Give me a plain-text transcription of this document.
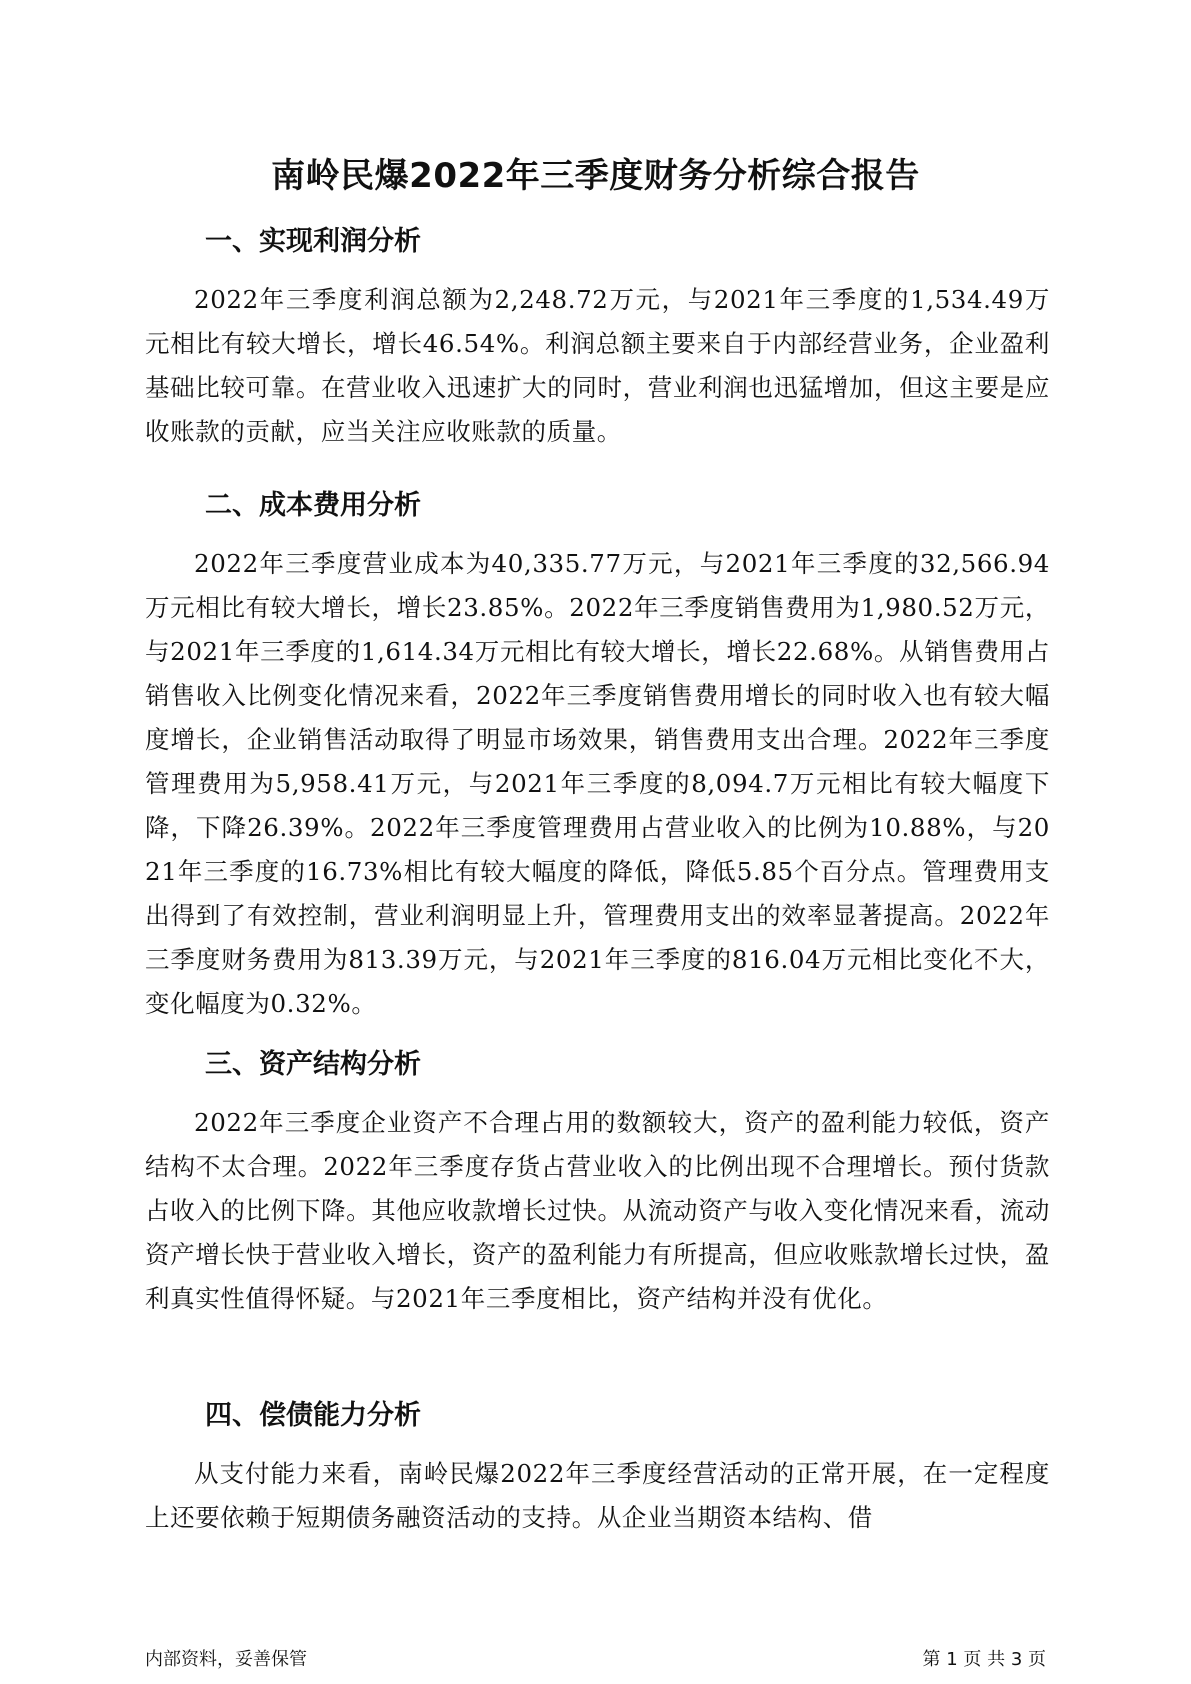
南岭民爆2022年三季度财务分析综合报告
一、实现利润分析

2022年三季度利润总额为2,248.72万元，与2021年三季度的1,534.49万元相比有较大增长，增长46.54%。利润总额主要来自于内部经营业务，企业盈利基础比较可靠。在营业收入迅速扩大的同时，营业利润也迅猛增加，但这主要是应收账款的贡献，应当关注应收账款的质量。

二、成本费用分析

2022年三季度营业成本为40,335.77万元，与2021年三季度的32,566.94万元相比有较大增长，增长23.85%。2022年三季度销售费用为1,980.52万元，与2021年三季度的1,614.34万元相比有较大增长，增长22.68%。从销售费用占销售收入比例变化情况来看，2022年三季度销售费用增长的同时收入也有较大幅度增长，企业销售活动取得了明显市场效果，销售费用支出合理。2022年三季度管理费用为5,958.41万元，与2021年三季度的8,094.7万元相比有较大幅度下降，下降26.39%。2022年三季度管理费用占营业收入的比例为10.88%，与2021年三季度的16.73%相比有较大幅度的降低，降低5.85个百分点。管理费用支出得到了有效控制，营业利润明显上升，管理费用支出的效率显著提高。2022年三季度财务费用为813.39万元，与2021年三季度的816.04万元相比变化不大，变化幅度为0.32%。

三、资产结构分析

2022年三季度企业资产不合理占用的数额较大，资产的盈利能力较低，资产结构不太合理。2022年三季度存货占营业收入的比例出现不合理增长。预付货款占收入的比例下降。其他应收款增长过快。从流动资产与收入变化情况来看，流动资产增长快于营业收入增长，资产的盈利能力有所提高，但应收账款增长过快，盈利真实性值得怀疑。与2021年三季度相比，资产结构并没有优化。

四、偿债能力分析

从支付能力来看，南岭民爆2022年三季度经营活动的正常开展，在一定程度上还要依赖于短期债务融资活动的支持。从企业当期资本结构、借

内部资料，妥善保管	第 1 页 共 3 页
